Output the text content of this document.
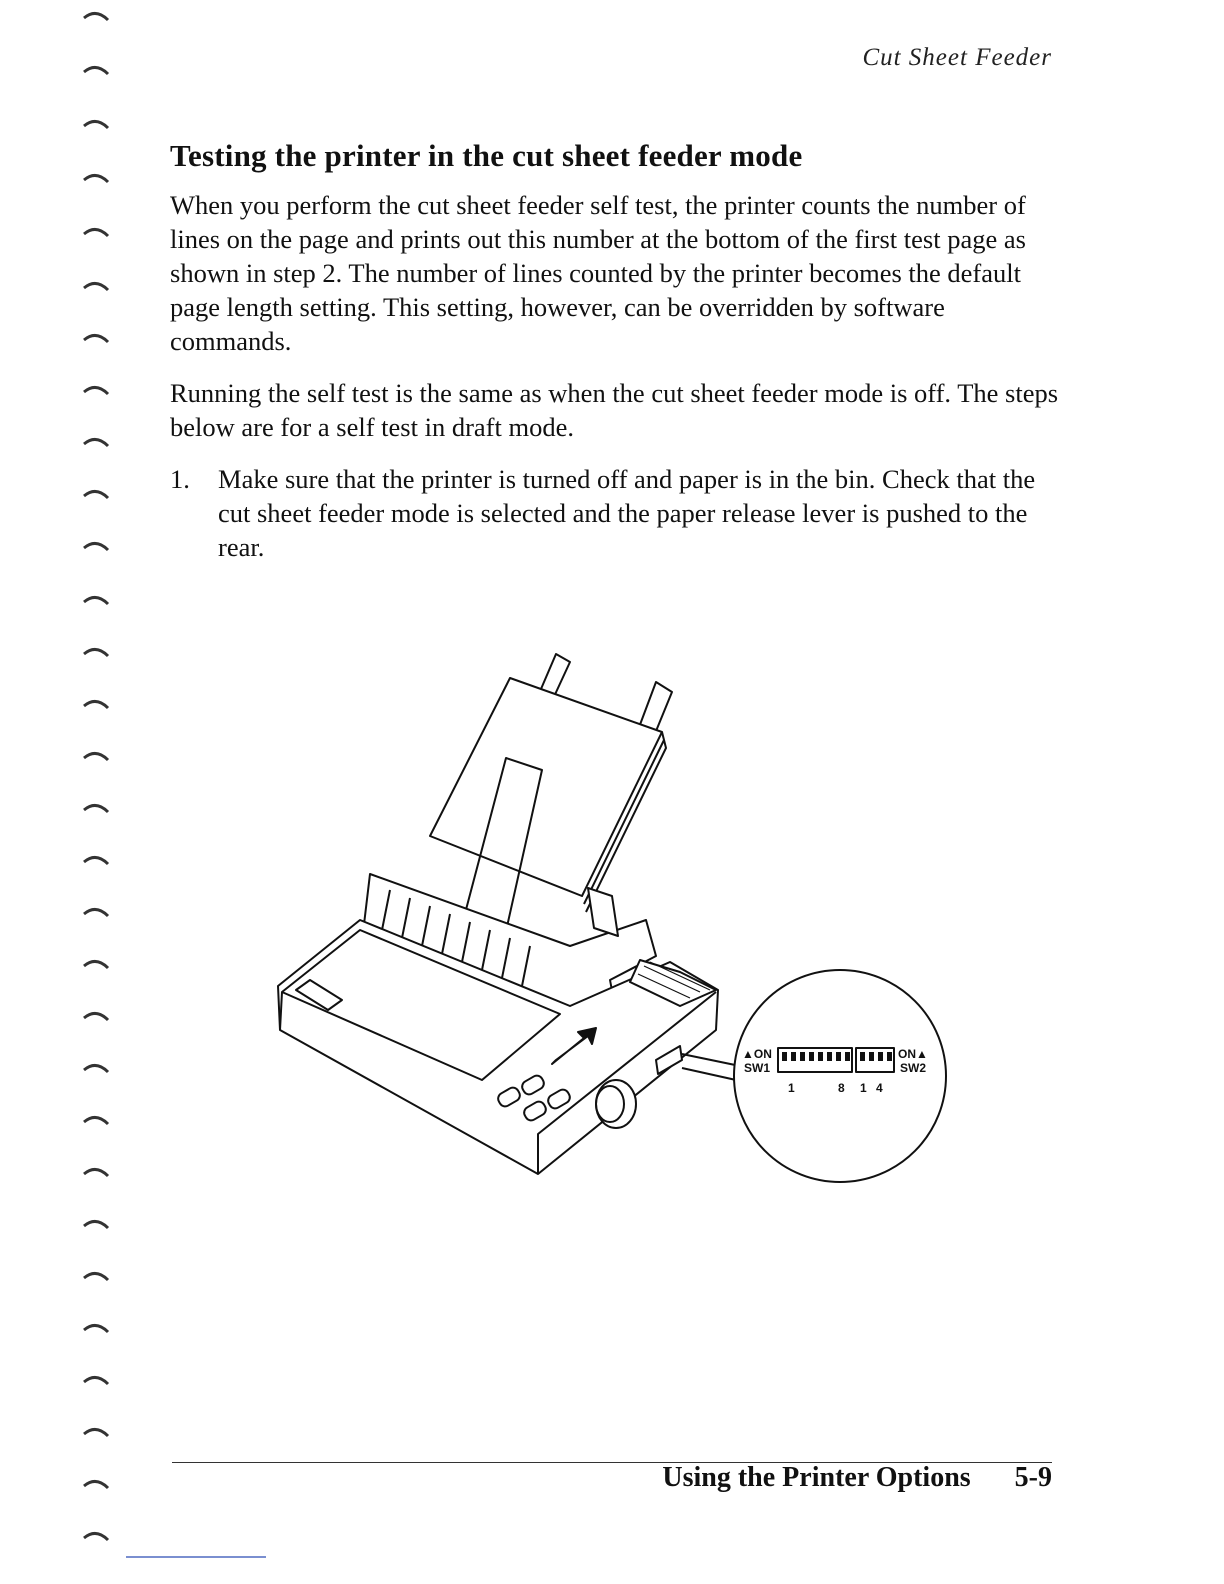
Cut Sheet Feeder
Testing the printer in the cut sheet feeder mode

When you perform the cut sheet feeder self test, the printer counts the number of lines on the page and prints out this number at the bottom of the first test page as shown in step 2. The number of lines counted by the printer becomes the default page length setting. This setting, however, can be overridden by software commands.

Running the self test is the same as when the cut sheet feeder mode is off. The steps below are for a self test in draft mode.

1.	Make sure that the printer is turned off and paper is in the bin. Check that the cut sheet feeder mode is selected and the paper release lever is pushed to the rear.
▲ON
SW1
ON▲
SW2
1	8 1 4
Using the Printer Options 5-9
